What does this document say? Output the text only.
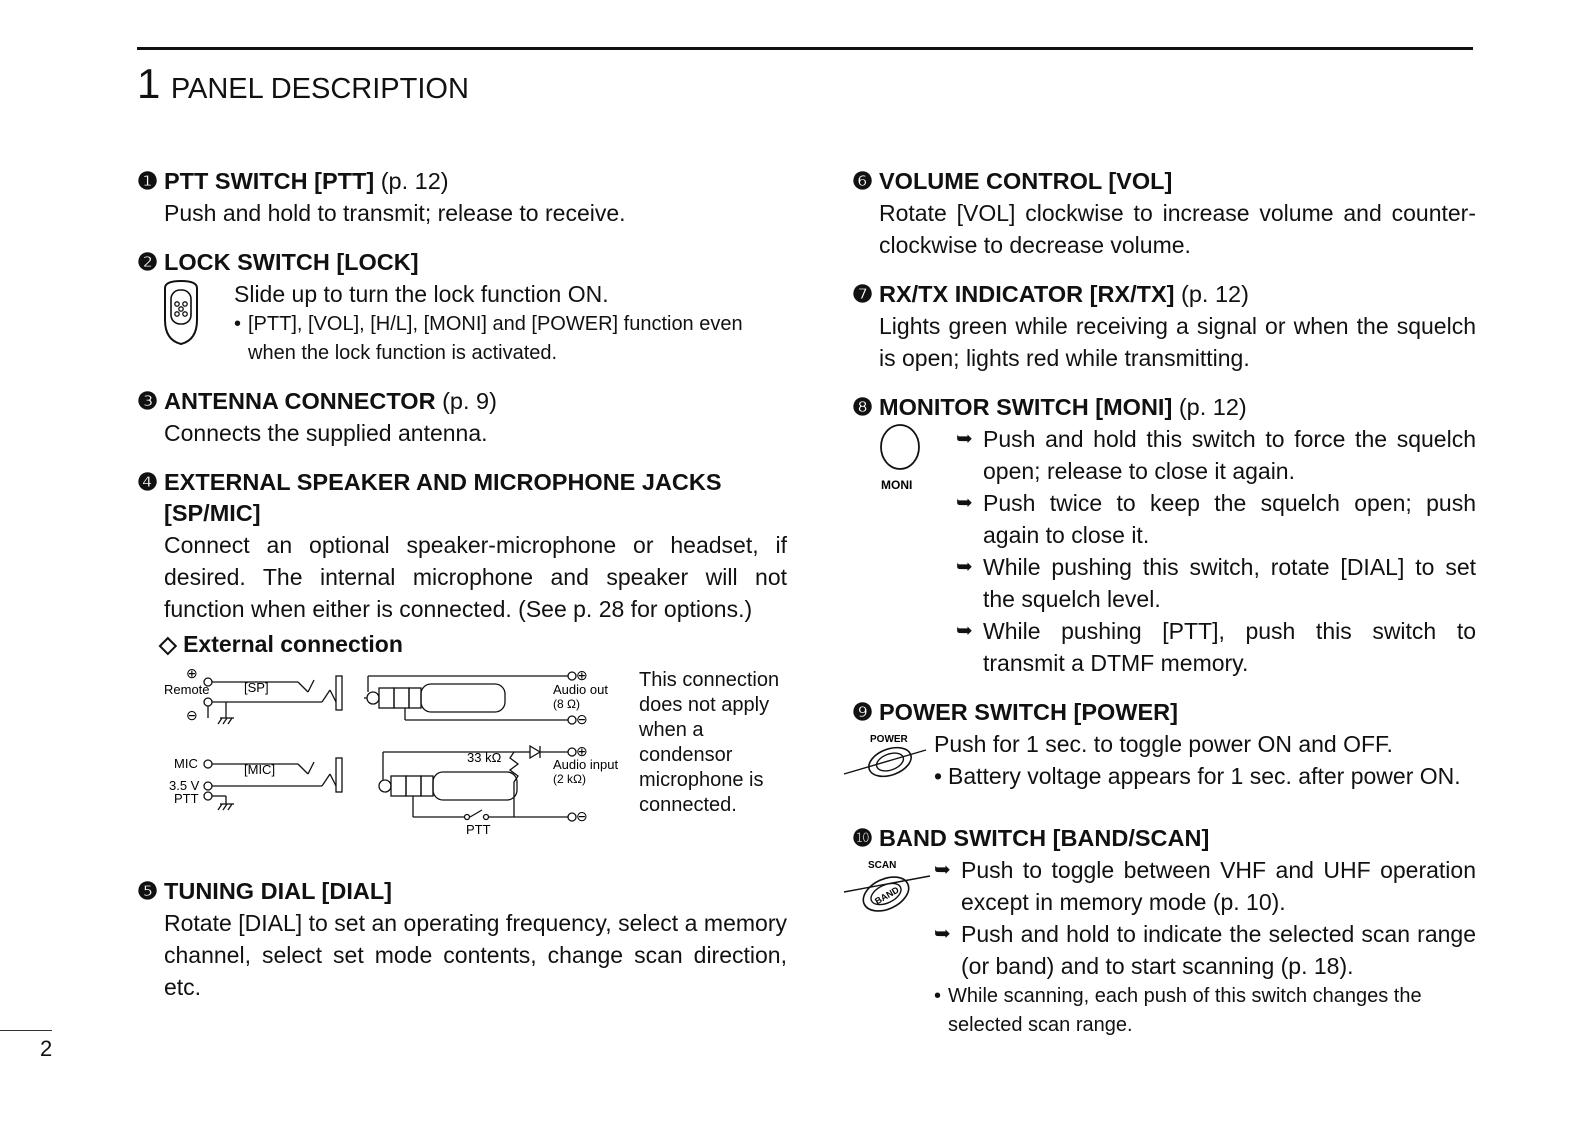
1 PANEL DESCRIPTION
❶ PTT SWITCH [PTT] (p. 12)
Push and hold to transmit; release to receive.
❷ LOCK SWITCH [LOCK]
Slide up to turn the lock function ON.
• [PTT], [VOL], [H/L], [MONI] and [POWER] function even when the lock function is activated.
❸ ANTENNA CONNECTOR (p. 9)
Connects the supplied antenna.
❹ EXTERNAL SPEAKER AND MICROPHONE JACKS [SP/MIC]
Connect an optional speaker-microphone or headset, if desired. The internal microphone and speaker will not function when either is connected. (See p. 28 for options.)
◇ External connection
⊕
Remote
⊖
[SP]
⊕
Audio out
(8 Ω)
⊖
MIC	[MIC]
3.5 V
PTT
33 kΩ	⊕
Audio input
(2 kΩ)
⊖
PTT
This connection does not apply when a condensor microphone is connected.
❺ TUNING DIAL [DIAL]
Rotate [DIAL] to set an operating frequency, select a memory channel, select set mode contents, change scan direction, etc.
❻ VOLUME CONTROL [VOL]
Rotate [VOL] clockwise to increase volume and counter-clockwise to decrease volume.
❼ RX/TX INDICATOR [RX/TX] (p. 12)
Lights green while receiving a signal or when the squelch is open; lights red while transmitting.
❽ MONITOR SWITCH [MONI] (p. 12)
MONI
➥ Push and hold this switch to force the squelch open; release to close it again.
➥ Push twice to keep the squelch open; push again to close it.
➥ While pushing this switch, rotate [DIAL] to set the squelch level.
➥ While pushing [PTT], push this switch to transmit a DTMF memory.
❾ POWER SWITCH [POWER]
POWER Push for 1 sec. to toggle power ON and OFF.
• Battery voltage appears for 1 sec. after power ON.
❿ BAND SWITCH [BAND/SCAN]
SCAN
BAND
➥ Push to toggle between VHF and UHF operation except in memory mode (p. 10).
➥ Push and hold to indicate the selected scan range (or band) and to start scanning (p. 18).
• While scanning, each push of this switch changes the selected scan range.
2
